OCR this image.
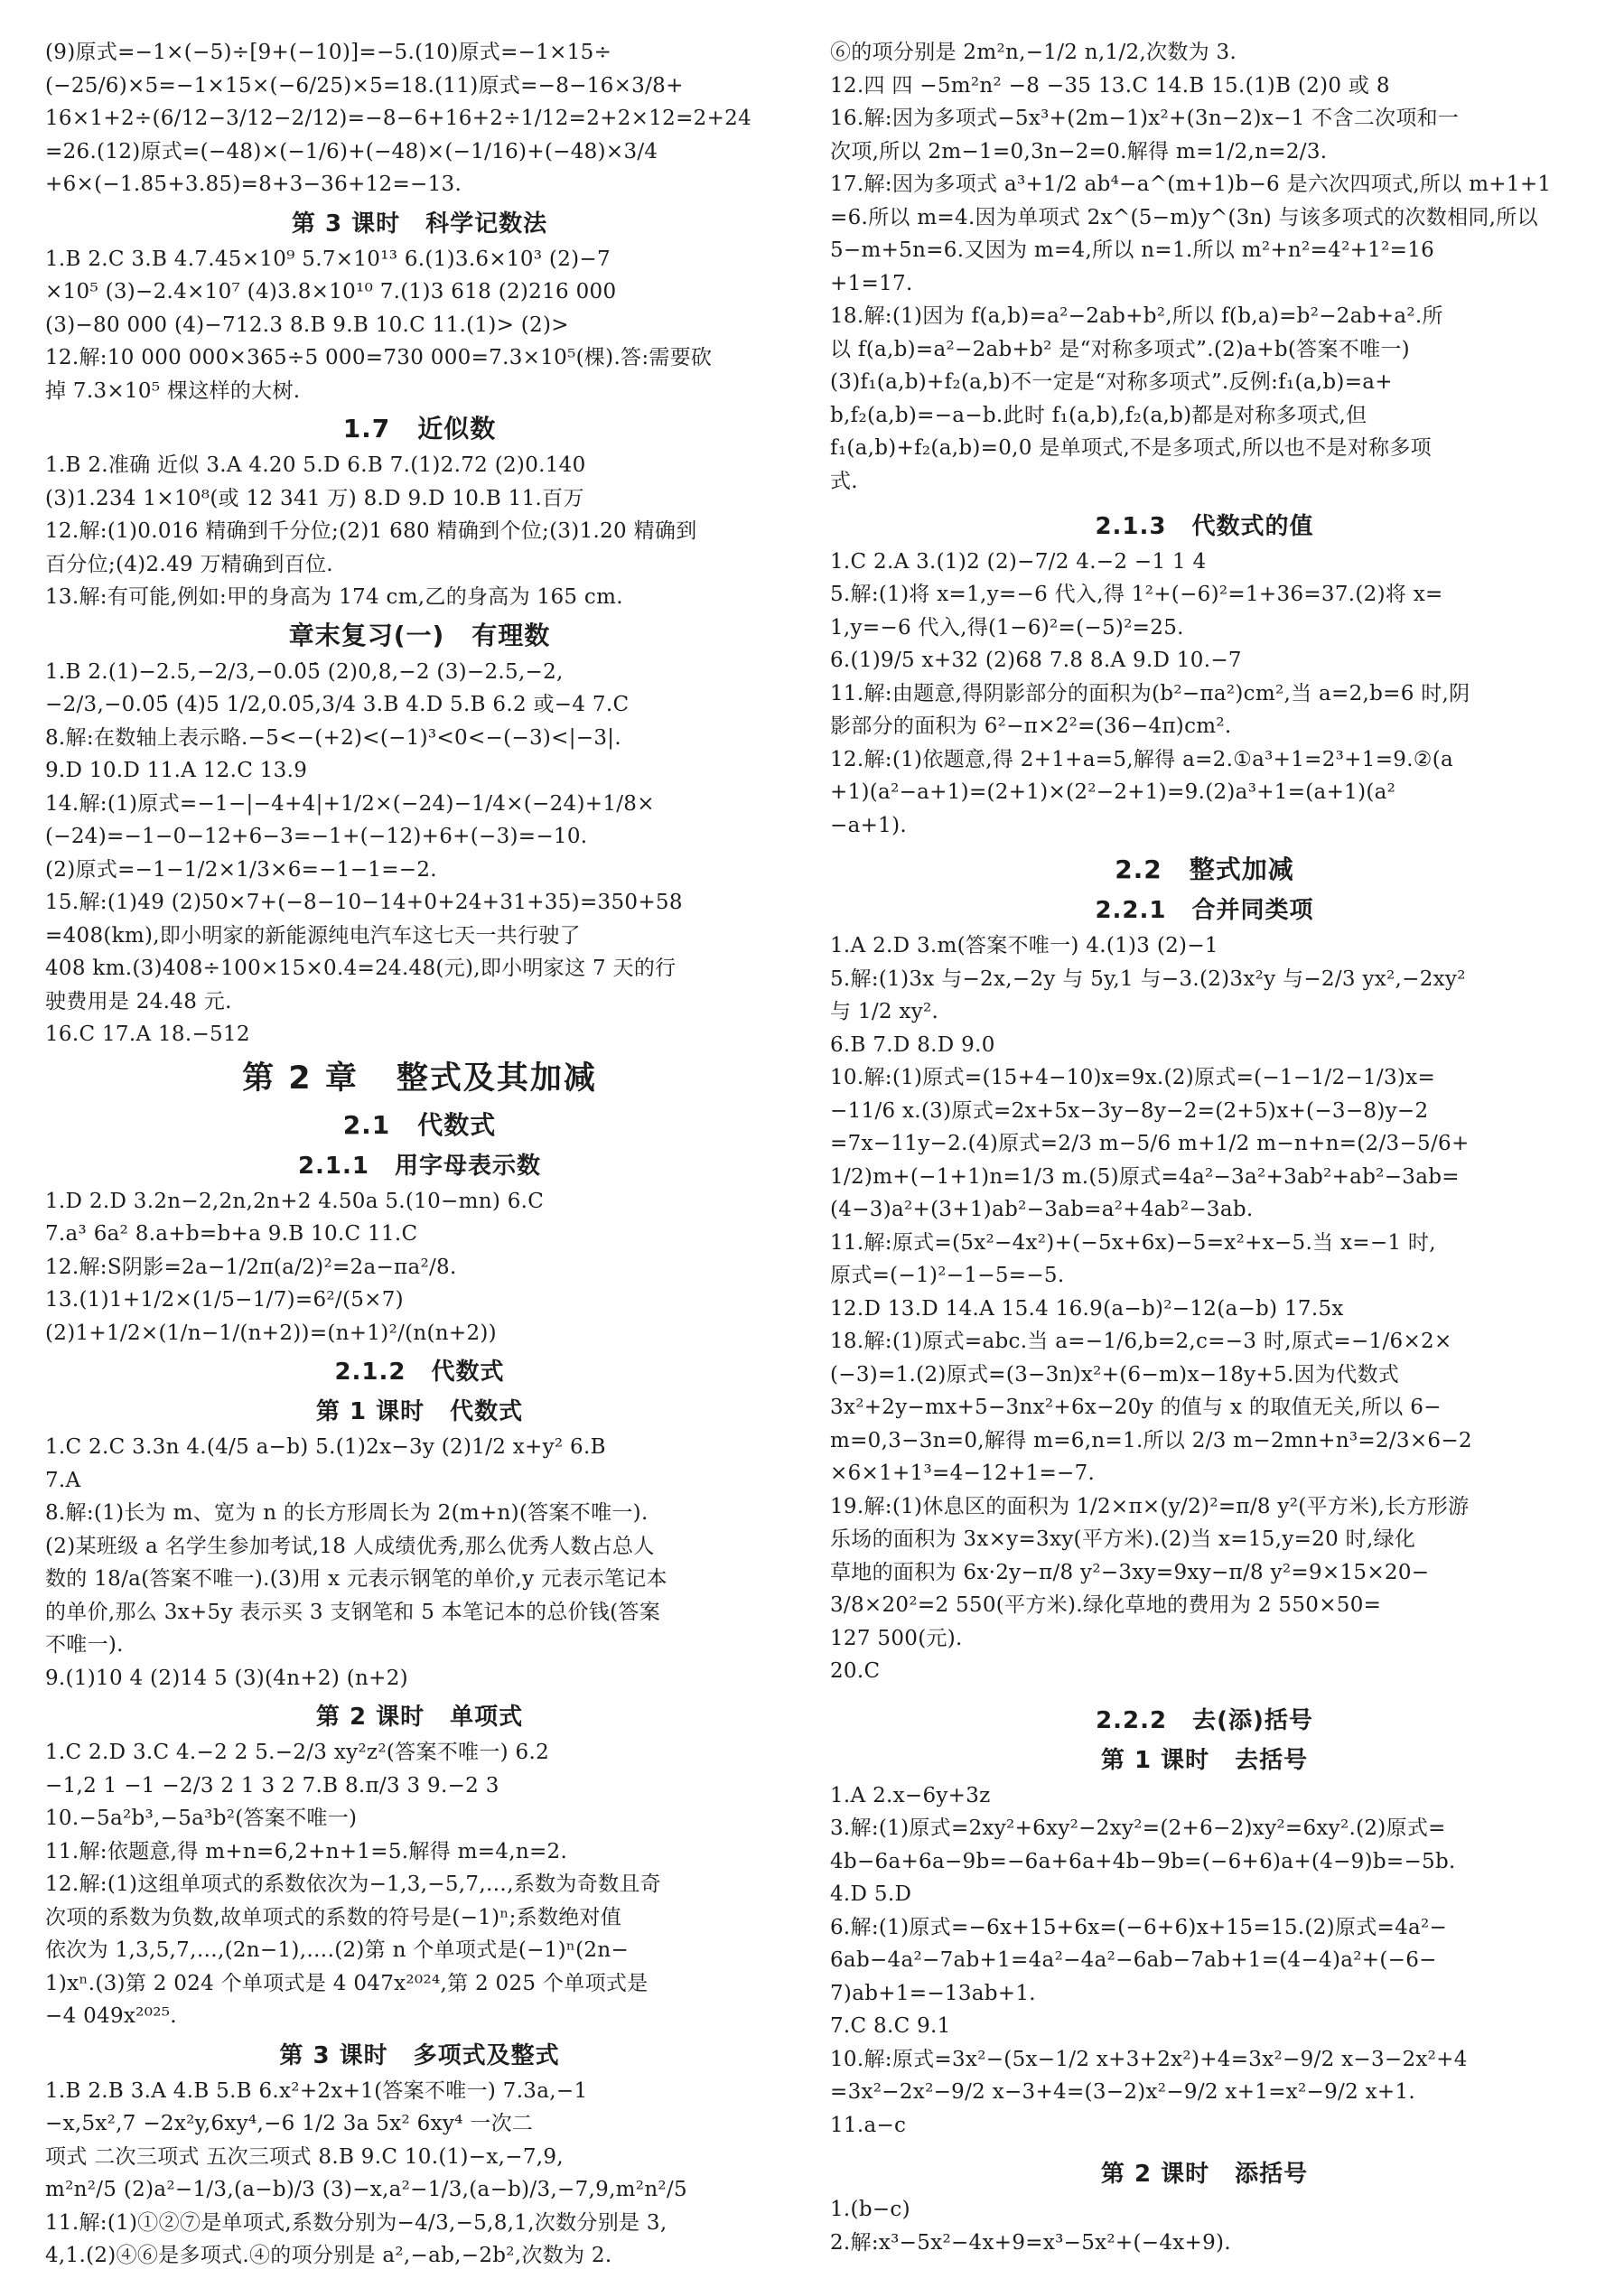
(9)原式=−1×(−5)÷[9+(−10)]=−5.(10)原式=−1×15÷
(−25/6)×5=−1×15×(−6/25)×5=18.(11)原式=−8−16×3/8+
16×1+2÷(6/12−3/12−2/12)=−8−6+16+2÷1/12=2+2×12=2+24
=26.(12)原式=(−48)×(−1/6)+(−48)×(−1/16)+(−48)×3/4
+6×(−1.85+3.85)=8+3−36+12=−13.
第 3 课时 科学记数法
1.B 2.C 3.B 4.7.45×10⁹ 5.7×10¹³ 6.(1)3.6×10³ (2)−7
×10⁵ (3)−2.4×10⁷ (4)3.8×10¹⁰ 7.(1)3 618 (2)216 000
(3)−80 000 (4)−712.3 8.B 9.B 10.C 11.(1)> (2)>
12.解:10 000 000×365÷5 000=730 000=7.3×10⁵(棵).答:需要砍
掉 7.3×10⁵ 棵这样的大树.
1.7 近似数
1.B 2.准确 近似 3.A 4.20 5.D 6.B 7.(1)2.72 (2)0.140
(3)1.234 1×10⁸(或 12 341 万) 8.D 9.D 10.B 11.百万
12.解:(1)0.016 精确到千分位;(2)1 680 精确到个位;(3)1.20 精确到
百分位;(4)2.49 万精确到百位.
13.解:有可能,例如:甲的身高为 174 cm,乙的身高为 165 cm.
章末复习(一) 有理数
1.B 2.(1)−2.5,−2/3,−0.0̇5̇ (2)0,8,−2 (3)−2.5,−2,
−2/3,−0.0̇5̇ (4)5 1/2,0.0̇5̇,3/4 3.B 4.D 5.B 6.2 或−4 7.C
8.解:在数轴上表示略.−5<−(+2)<(−1)³<0<−(−3)<|−3|.
9.D 10.D 11.A 12.C 13.9
14.解:(1)原式=−1−|−4+4|+1/2×(−24)−1/4×(−24)+1/8×
(−24)=−1−0−12+6−3=−1+(−12)+6+(−3)=−10.
(2)原式=−1−1/2×1/3×6=−1−1=−2.
15.解:(1)49 (2)50×7+(−8−10−14+0+24+31+35)=350+58
=408(km),即小明家的新能源纯电汽车这七天一共行驶了
408 km.(3)408÷100×15×0.4=24.48(元),即小明家这 7 天的行
驶费用是 24.48 元.
16.C 17.A 18.−512
第 2 章 整式及其加减
2.1 代数式
2.1.1 用字母表示数
1.D 2.D 3.2n−2,2n,2n+2 4.50a 5.(10−mn) 6.C
7.a³ 6a² 8.a+b=b+a 9.B 10.C 11.C
12.解:S阴影=2a−1/2π(a/2)²=2a−πa²/8.
13.(1)1+1/2×(1/5−1/7)=6²/(5×7)
(2)1+1/2×(1/n−1/(n+2))=(n+1)²/(n(n+2))
2.1.2 代数式
第 1 课时 代数式
1.C 2.C 3.3n 4.(4/5 a−b) 5.(1)2x−3y (2)1/2 x+y² 6.B
7.A
8.解:(1)长为 m、宽为 n 的长方形周长为 2(m+n)(答案不唯一).
(2)某班级 a 名学生参加考试,18 人成绩优秀,那么优秀人数占总人
数的 18/a(答案不唯一).(3)用 x 元表示钢笔的单价,y 元表示笔记本
的单价,那么 3x+5y 表示买 3 支钢笔和 5 本笔记本的总价钱(答案
不唯一).
9.(1)10 4 (2)14 5 (3)(4n+2) (n+2)
第 2 课时 单项式
1.C 2.D 3.C 4.−2 2 5.−2/3 xy²z²(答案不唯一) 6.2
−1,2 1 −1 −2/3 2 1 3 2 7.B 8.π/3 3 9.−2 3
10.−5a²b³,−5a³b²(答案不唯一)
11.解:依题意,得 m+n=6,2+n+1=5.解得 m=4,n=2.
12.解:(1)这组单项式的系数依次为−1,3,−5,7,…,系数为奇数且奇
次项的系数为负数,故单项式的系数的符号是(−1)ⁿ;系数绝对值
依次为 1,3,5,7,…,(2n−1),….(2)第 n 个单项式是(−1)ⁿ(2n−
1)xⁿ.(3)第 2 024 个单项式是 4 047x²⁰²⁴,第 2 025 个单项式是
−4 049x²⁰²⁵.
第 3 课时 多项式及整式
1.B 2.B 3.A 4.B 5.B 6.x²+2x+1(答案不唯一) 7.3a,−1
−x,5x²,7 −2x²y,6xy⁴,−6 1/2 3a 5x² 6xy⁴ 一次二
项式 二次三项式 五次三项式 8.B 9.C 10.(1)−x,−7,9,
m²n²/5 (2)a²−1/3,(a−b)/3 (3)−x,a²−1/3,(a−b)/3,−7,9,m²n²/5
11.解:(1)①②⑦是单项式,系数分别为−4/3,−5,8,1,次数分别是 3,
4,1.(2)④⑥是多项式.④的项分别是 a²,−ab,−2b²,次数为 2.
⑥的项分别是 2m²n,−1/2 n,1/2,次数为 3.
12.四 四 −5m²n² −8 −35 13.C 14.B 15.(1)B (2)0 或 8
16.解:因为多项式−5x³+(2m−1)x²+(3n−2)x−1 不含二次项和一
次项,所以 2m−1=0,3n−2=0.解得 m=1/2,n=2/3.
17.解:因为多项式 a³+1/2 ab⁴−a^(m+1)b−6 是六次四项式,所以 m+1+1
=6.所以 m=4.因为单项式 2x^(5−m)y^(3n) 与该多项式的次数相同,所以
5−m+5n=6.又因为 m=4,所以 n=1.所以 m²+n²=4²+1²=16
+1=17.
18.解:(1)因为 f(a,b)=a²−2ab+b²,所以 f(b,a)=b²−2ab+a².所
以 f(a,b)=a²−2ab+b² 是“对称多项式”.(2)a+b(答案不唯一)
(3)f₁(a,b)+f₂(a,b)不一定是“对称多项式”.反例:f₁(a,b)=a+
b,f₂(a,b)=−a−b.此时 f₁(a,b),f₂(a,b)都是对称多项式,但
f₁(a,b)+f₂(a,b)=0,0 是单项式,不是多项式,所以也不是对称多项
式.
2.1.3 代数式的值
1.C 2.A 3.(1)2 (2)−7/2 4.−2 −1 1 4
5.解:(1)将 x=1,y=−6 代入,得 1²+(−6)²=1+36=37.(2)将 x=
1,y=−6 代入,得(1−6)²=(−5)²=25.
6.(1)9/5 x+32 (2)68 7.8 8.A 9.D 10.−7
11.解:由题意,得阴影部分的面积为(b²−πa²)cm²,当 a=2,b=6 时,阴
影部分的面积为 6²−π×2²=(36−4π)cm².
12.解:(1)依题意,得 2+1+a=5,解得 a=2.①a³+1=2³+1=9.②(a
+1)(a²−a+1)=(2+1)×(2²−2+1)=9.(2)a³+1=(a+1)(a²
−a+1).
2.2 整式加减
2.2.1 合并同类项
1.A 2.D 3.m(答案不唯一) 4.(1)3 (2)−1
5.解:(1)3x 与−2x,−2y 与 5y,1 与−3.(2)3x²y 与−2/3 yx²,−2xy²
与 1/2 xy².
6.B 7.D 8.D 9.0
10.解:(1)原式=(15+4−10)x=9x.(2)原式=(−1−1/2−1/3)x=
−11/6 x.(3)原式=2x+5x−3y−8y−2=(2+5)x+(−3−8)y−2
=7x−11y−2.(4)原式=2/3 m−5/6 m+1/2 m−n+n=(2/3−5/6+
1/2)m+(−1+1)n=1/3 m.(5)原式=4a²−3a²+3ab²+ab²−3ab=
(4−3)a²+(3+1)ab²−3ab=a²+4ab²−3ab.
11.解:原式=(5x²−4x²)+(−5x+6x)−5=x²+x−5.当 x=−1 时,
原式=(−1)²−1−5=−5.
12.D 13.D 14.A 15.4 16.9(a−b)²−12(a−b) 17.5x
18.解:(1)原式=abc.当 a=−1/6,b=2,c=−3 时,原式=−1/6×2×
(−3)=1.(2)原式=(3−3n)x²+(6−m)x−18y+5.因为代数式
3x²+2y−mx+5−3nx²+6x−20y 的值与 x 的取值无关,所以 6−
m=0,3−3n=0,解得 m=6,n=1.所以 2/3 m−2mn+n³=2/3×6−2
×6×1+1³=4−12+1=−7.
19.解:(1)休息区的面积为 1/2×π×(y/2)²=π/8 y²(平方米),长方形游
乐场的面积为 3x×y=3xy(平方米).(2)当 x=15,y=20 时,绿化
草地的面积为 6x·2y−π/8 y²−3xy=9xy−π/8 y²=9×15×20−
3/8×20²=2 550(平方米).绿化草地的费用为 2 550×50=
127 500(元).
20.C
2.2.2 去(添)括号
第 1 课时 去括号
1.A 2.x−6y+3z
3.解:(1)原式=2xy²+6xy²−2xy²=(2+6−2)xy²=6xy².(2)原式=
4b−6a+6a−9b=−6a+6a+4b−9b=(−6+6)a+(4−9)b=−5b.
4.D 5.D
6.解:(1)原式=−6x+15+6x=(−6+6)x+15=15.(2)原式=4a²−
6ab−4a²−7ab+1=4a²−4a²−6ab−7ab+1=(4−4)a²+(−6−
7)ab+1=−13ab+1.
7.C 8.C 9.1
10.解:原式=3x²−(5x−1/2 x+3+2x²)+4=3x²−9/2 x−3−2x²+4
=3x²−2x²−9/2 x−3+4=(3−2)x²−9/2 x+1=x²−9/2 x+1.
11.a−c
第 2 课时 添括号
1.(b−c)
2.解:x³−5x²−4x+9=x³−5x²+(−4x+9).
